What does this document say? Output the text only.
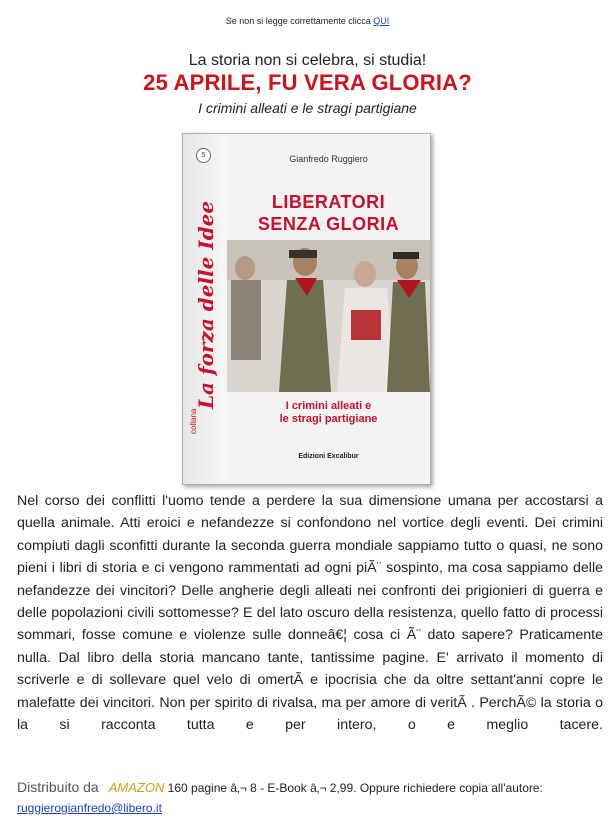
Se non si legge correttamente clicca QUI
La storia non si celebra, si studia!
25 APRILE, FU VERA GLORIA?
I crimini alleati e le stragi partigiane
5
La forza delle Idee
collana
Gianfredo Ruggiero
LIBERATORI
SENZA GLORIA
I crimini alleati e
le stragi partigiane
Edizioni Excalibur
Nel corso dei conflitti l'uomo tende a perdere la sua dimensione umana per accostarsi a quella animale. Atti eroici e nefandezze si confondono nel vortice degli eventi. Dei crimini compiuti dagli sconfitti durante la seconda guerra mondiale sappiamo tutto o quasi, ne sono pieni i libri di storia e ci vengono rammentati ad ogni piÃ¨ sospinto, ma cosa sappiamo delle nefandezze dei vincitori? Delle angherie degli alleati nei confronti dei prigionieri di guerra e delle popolazioni civili sottomesse? E del lato oscuro della resistenza, quello fatto di processi sommari, fosse comune e violenze sulle donneâ€¦ cosa ci Ã¨ dato sapere? Praticamente nulla. Dal libro della storia mancano tante, tantissime pagine. E' arrivato il momento di scriverle e di sollevare quel velo di omertÃ e ipocrisia che da oltre settant'anni copre le malefatte dei vincitori. Non per spirito di rivalsa, ma per amore di veritÃ . PerchÃ© la storia o la si racconta tutta e per intero, o e meglio tacere.
Distribuito da AMAZON 160 pagine â‚¬ 8 - E-Book â‚¬ 2,99. Oppure richiedere copia all'autore: ruggierogianfredo@libero.it
